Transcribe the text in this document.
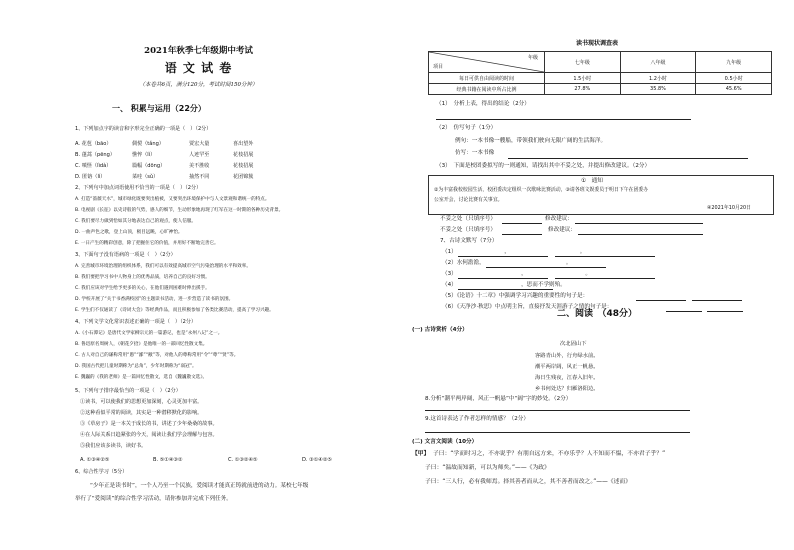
2021年秋季七年级期中考试
语 文 试 卷
（本卷共6页，满分120分，考试时间150分钟）
一、 积累与运用（22分）
1、下列加点字的读音和字形完全正确的一项是（　）（2分）
A. 花苞（bāo）	倜傥（tǎng）	贾宏大量	喜出望外
B. 蓬蒿（pēng）	憔悴（lì）	人迹罕至	花枝招展
C. 嗔怪（lìdà）	篇幅（dōng）	美不胜收	花枝招展
D. 匿镕（lì）	菜哇（sǔ）	抽然不同	花团锦簇
2、下列句中加点词语使用不恰当的一项是（　）（2分）
A. 打造“蔷薇天水”，城市绿化既要突出植被，又要突出环境保护中与人文景观和谐统一的特点。
B. 电视剧《长征》以史诗般的气势，感人的细节，生动形象地再现了红军在这一时期的各种历史背景。
C. 我们要尽力做到恰如其分地表达自己的观点，使人信服。
D. 一曲声色之歌，登上山顶，极目远眺，心旷神怡。
E. 一日产生的精彩创意，除了把握住它的价值，并用好不断地完善它。
3、下面句子没有语病的一项是（　）（2分）
A. 完善城市环境治理的组织体系，我们可以有效提高城市空气污染治理的水平和效率。
B. 我们要把学习书中人物身上的优秀品质，培养自己的良好习惯。
C. 我们应该对学生给予更多的关心，在他们遇到困难时伸出援手。
D. 学校开展了“关于书香满校园”的主题读书活动，进一步营造了读书的氛围。
E. 学生们不仅通读了《诗词大会》等经典作品，而且积极参加了各类比赛活动，提高了学习兴趣。
4、下列文学文化常识表述正确的一项是（　）（2分）
A.《小石潭记》是唐代文学家柳宗元的一篇游记，也是“永州八记”之一。
B. 鲁迅原名周树人，《朝花夕拾》是他唯一的一部回忆性散文集。
C. 古人对自己的谦称常用“愚”“鄙”“敝”等，对他人的尊称常用“令”“尊”“贤”等。
D. 我国古代把儿童时期称为“总角”，少年时期称为“弱冠”。
E. 魏巍的《我的老师》是一篇回忆性散文，选自《魏巍散文选》。
5、下列句子排序最恰当的一项是（　）（2分）
①读书，可以使我们的思想更加深刻，心灵更加丰富。
②这种看似平常的阅读，其实是一种潜移默化的影响。
③《草房子》是一本关于成长的书，讲述了少年桑桑的故事。
④在人际关系日趋紧张的今天，阅读让我们学会理解与包容。
⑤我们应该多读书，读好书。
A. ①③④②⑤	B. ⑤①④③②	C. ①③②④⑤	D. ③①④②⑤
6、综合性学习（5分）
“少年正是读书时”，一个人乃至一个民族，爱阅读才能真正铸就前进的动力。某校七年级
举行了“爱阅读”的综合性学习活动，请你参加并完成下列任务。
读书现状调查表
年级
项目	七年级	八年级	九年级
每日可供自由阅读的时间	1.5小时	1.2小时	0.5小时
经典书籍在阅读中所占比例	27.8%	35.8%	45.6%
（1）　分析上表，得出的结论（2分）
（2）　仿写句子（1分）
例句：一本书像一艘船，带领我们驶向无限广阔的生活海洋。
仿写：一本书像
（3）　下面是校团委拟写的一则通知，请找出其中不妥之处，并提出修改建议。（2分）
①　通知
②为丰富我校校园生活，校团委决定组织一次歌咏比赛活动，③请各班文娱委员于明日下午在团委办
公室开会，讨论比赛有关事宜。
④2021年10月20日
不妥之处（只填序号）	修改建议：
不妥之处（只填序号）	修改建议：
7、古诗文默写（7分）
（1）　　　　　　　　　，　　　　　　　　　　　　　。
（2）水何澹澹，　　　　　　　　　　　　　　　。
（3）　　　　　　　　　　　　，　　　　　　　　　　　。
（4）　　　　　　　　　　　　，思而不学则殆。
（5）《论语》十二章》中强调学习兴趣的重要性的句子是：
（6）《天净沙·秋思》中点明主旨，直接抒发天涯游子之情的句子是：
二、阅读　（48分）
(一) 古诗赏析（4分）
次北固山下
客路青山外，行舟绿水前。
潮平两岸阔，风正一帆悬。
海日生残夜，江春入旧年。
乡书何处达？归雁洛阳边。
8.分析“潮平两岸阔，风正一帆悬”中“阔”字的妙处。（2分）
9.这首诗表达了作者怎样的情感？（2分）
(二) 文言文阅读（10分）
【甲】 子曰：“学而时习之，不亦说乎？有朋自远方来，不亦乐乎？人不知而不愠，不亦君子乎？”
子曰：“温故而知新，可以为师矣。”——《为政》
子曰：“三人行，必有我师焉。择其善者而从之，其不善者而改之。”——《述而》
